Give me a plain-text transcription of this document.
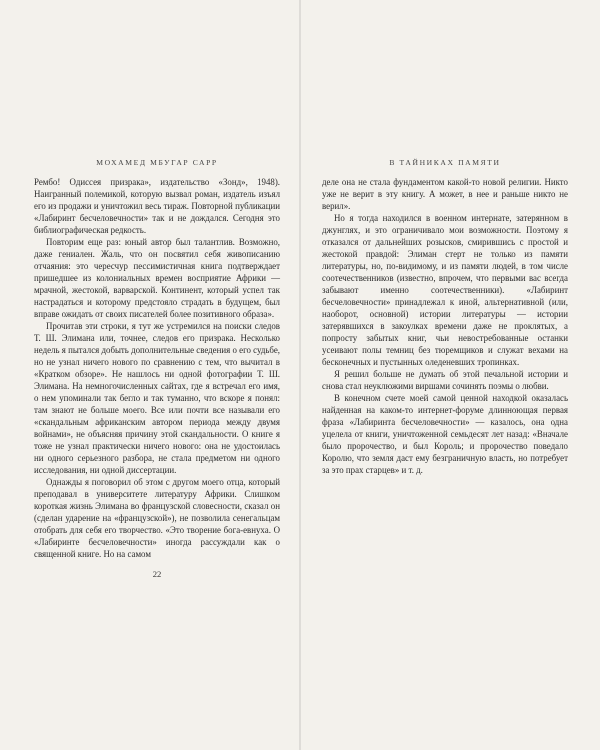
МОХАМЕД МБУГАР САРР

Рембо! Одиссея призрака», издательство «Зонд», 1948). Наигранный полемикой, которую вызвал роман, издатель изъял его из продажи и уничтожил весь тираж. Повторной публикации «Лабиринт бесчеловечности» так и не дождался. Сегодня это библиографическая редкость.

Повторим еще раз: юный автор был талантлив. Возможно, даже гениален. Жаль, что он посвятил себя живописанию отчаяния: это чересчур пессимистичная книга подтверждает пришедшее из колониальных времен восприятие Африки — мрачной, жестокой, варварской. Континент, который успел так настрадаться и которому предстояло страдать в будущем, был вправе ожидать от своих писателей более позитивного образа».

Прочитав эти строки, я тут же устремился на поиски следов Т. Ш. Элимана или, точнее, следов его призрака. Несколько недель я пытался добыть дополнительные сведения о его судьбе, но не узнал ничего нового по сравнению с тем, что вычитал в «Кратком обзоре». Не нашлось ни одной фотографии Т. Ш. Элимана. На немногочисленных сайтах, где я встречал его имя, о нем упоминали так бегло и так туманно, что вскоре я понял: там знают не больше моего. Все или почти все называли его «скандальным африканским автором периода между двумя войнами», не объясняя причину этой скандальности. О книге я тоже не узнал практически ничего нового: она не удостоилась ни одного серьезного разбора, не стала предметом ни одного исследования, ни одной диссертации.

Однажды я поговорил об этом с другом моего отца, который преподавал в университете литературу Африки. Слишком короткая жизнь Элимана во французской словесности, сказал он (сделан ударение на «французской»), не позволила сенегальцам отобрать для себя его творчество. «Это творение бога-евнуха. О «Лабиринте бесчеловечности» иногда рассуждали как о священной книге. Но на самом

В ТАЙНИКАХ ПАМЯТИ

деле она не стала фундаментом какой-то новой религии. Никто уже не верит в эту книгу. А может, в нее и раньше никто не верил».

Но я тогда находился в военном интернате, затерянном в джунглях, и это ограничивало мои возможности. Поэтому я отказался от дальнейших розысков, смирившись с простой и жестокой правдой: Элиман стерт не только из памяти литературы, но, по-видимому, и из памяти людей, в том числе соотечественников (известно, впрочем, что первыми вас всегда забывают именно соотечественники). «Лабиринт бесчеловечности» принадлежал к иной, альтернативной (или, наоборот, основной) истории литературы — истории затерявшихся в закоулках времени даже не проклятых, а попросту забытых книг, чьи невостребованные останки усеивают полы темниц без тюремщиков и служат вехами на бесконечных и пустынных оледеневших тропинках.

Я решил больше не думать об этой печальной истории и снова стал неуклюжими виршами сочинять поэмы о любви.

В конечном счете моей самой ценной находкой оказалась найденная на каком-то интернет-форуме длинноющая первая фраза «Лабиринта бесчеловечности» — казалось, она одна уцелела от книги, уничтоженной семьдесят лет назад: «Вначале было пророчество, и был Король; и пророчество поведало Королю, что земля даст ему безграничную власть, но потребует за это прах старцев» и т. д.

22
